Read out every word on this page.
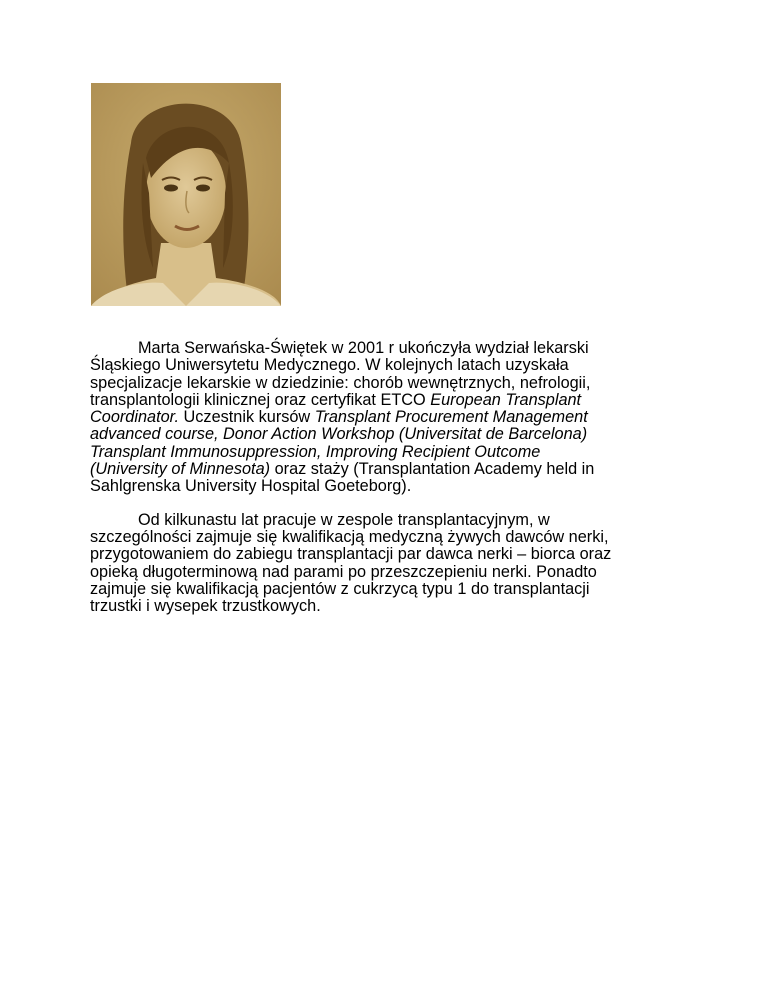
Marta Serwańska-Świętek w 2001 r ukończyła wydział lekarski
Śląskiego Uniwersytetu Medycznego. W kolejnych latach uzyskała
specjalizacje lekarskie w dziedzinie: chorób wewnętrznych, nefrologii,
transplantologii klinicznej oraz certyfikat ETCO European Transplant
Coordinator. Uczestnik kursów Transplant Procurement Management
advanced course, Donor Action Workshop (Universitat de Barcelona)
Transplant Immunosuppression, Improving Recipient Outcome
(University of Minnesota) oraz staży (Transplantation Academy held in
Sahlgrenska University Hospital Goeteborg).

Od kilkunastu lat pracuje w zespole transplantacyjnym, w
szczególności zajmuje się kwalifikacją medyczną żywych dawców nerki,
przygotowaniem do zabiegu transplantacji par dawca nerki – biorca oraz
opieką długoterminową nad parami po przeszczepieniu nerki. Ponadto
zajmuje się kwalifikacją pacjentów z cukrzycą typu 1 do transplantacji
trzustki i wysepek trzustkowych.
